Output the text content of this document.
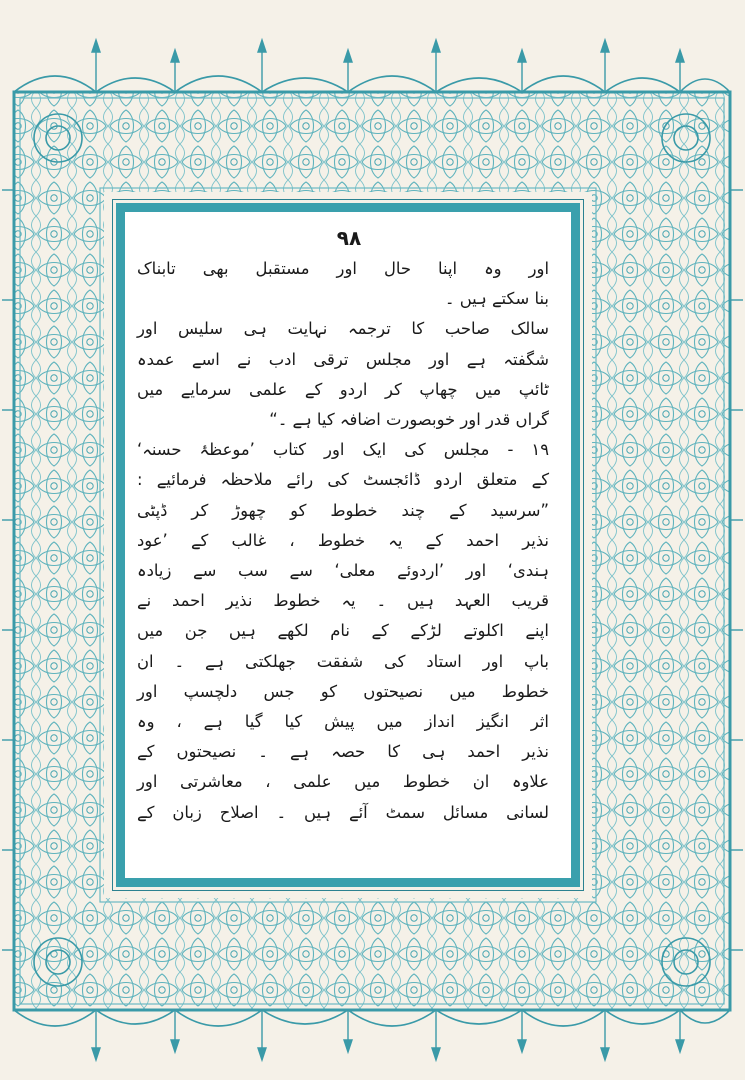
٩٨
اور وہ اپنا حال اور مستقبل بھی تابناک
بنا سکتے ہیں ۔
سالک صاحب کا ترجمہ نہایت ہی سلیس اور
شگفتہ ہے اور مجلس ترقی ادب نے اسے عمدہ
ٹائپ میں چھاپ کر اردو کے علمی سرمایے میں
گراں قدر اور خوبصورت اضافہ کیا ہے ۔“
١٩ - مجلس کی ایک اور کتاب ’موعظۂ حسنہ‘
کے متعلق اردو ڈائجسٹ کی رائے ملاحظہ فرمائیے :
”سرسید کے چند خطوط کو چھوڑ کر ڈپٹی
نذیر احمد کے یہ خطوط ، غالب کے ’عود
ہندی‘ اور ’اردوئے معلی‘ سے سب سے زیادہ
قریب العہد ہیں ۔ یہ خطوط نذیر احمد نے
اپنے اکلوتے لڑکے کے نام لکھے ہیں جن میں
باپ اور استاد کی شفقت جھلکتی ہے ۔ ان
خطوط میں نصیحتوں کو جس دلچسپ اور
اثر انگیز انداز میں پیش کیا گیا ہے ، وہ
نذیر احمد ہی کا حصہ ہے ۔ نصیحتوں کے
علاوہ ان خطوط میں علمی ، معاشرتی اور
لسانی مسائل سمٹ آئے ہیں ۔ اصلاح زبان کے
